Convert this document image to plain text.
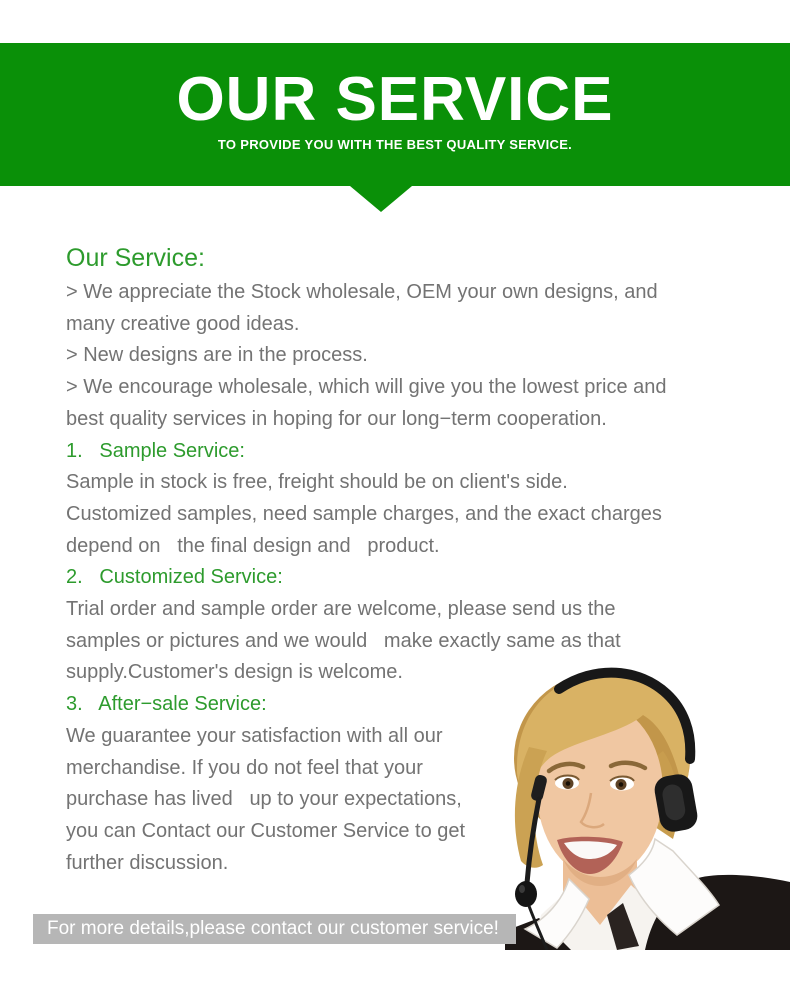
OUR SERVICE
TO PROVIDE YOU WITH THE BEST QUALITY SERVICE.
Our Service:
> We appreciate the Stock wholesale, OEM your own designs, and
many creative good ideas.
> New designs are in the process.
> We encourage wholesale, which will give you the lowest price and
best quality services in hoping for our long−term cooperation.
1.   Sample Service:
Sample in stock is free, freight should be on client's side.
Customized samples, need sample charges, and the exact charges
depend on   the final design and   product.
2.   Customized Service:
Trial order and sample order are welcome, please send us the
samples or pictures and we would   make exactly same as that
supply.Customer's design is welcome.
3.   After−sale Service:
We guarantee your satisfaction with all our
merchandise. If you do not feel that your
purchase has lived   up to your expectations,
you can Contact our Customer Service to get
further discussion.
For more details,please contact our customer service!
